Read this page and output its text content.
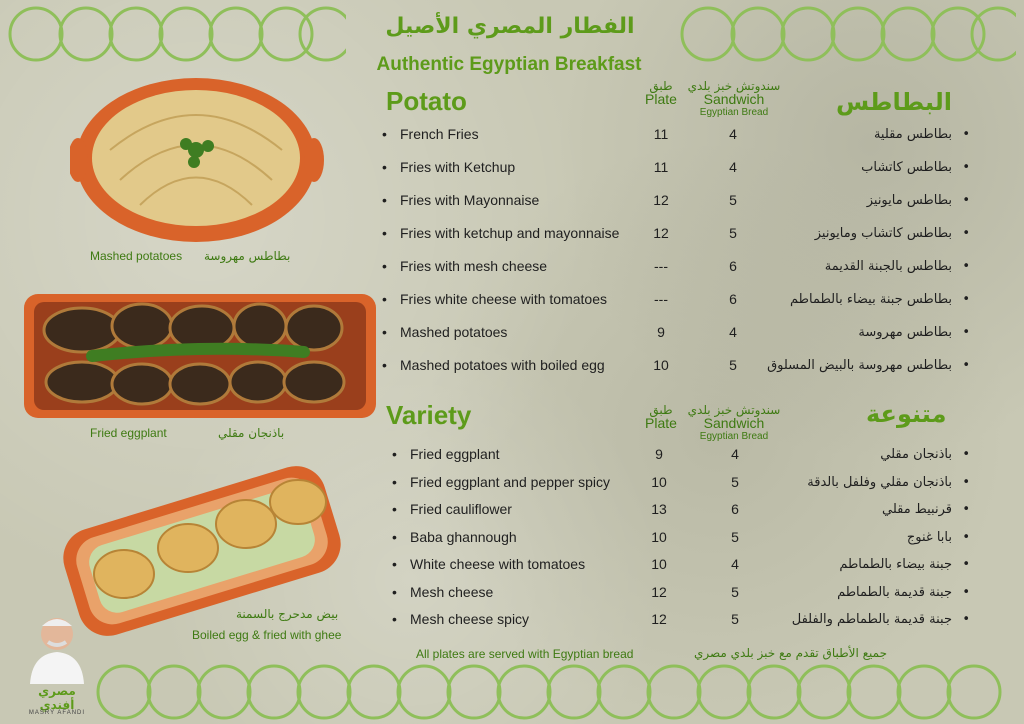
الفطار المصري الأصيل
Authentic Egyptian Breakfast
Mashed potatoes بطاطس مهروسة
Fried eggplant	باذنجان مقلي
بيض مدحرج بالسمنة
Boiled egg & fried with ghee
مصري أفندي
MASRY AFANDI
Potato	البطاطس
طبق
Plate
سندوتش خبز بلدي
Sandwich
Egyptian Bread
• French Fries	11	4	• بطاطس مقلية
• Fries with Ketchup	11	4	• بطاطس كاتشاب
• Fries with Mayonnaise	12	5	• بطاطس مايونيز
• Fries with ketchup and mayonnaise	12	5	• بطاطس كاتشاب ومايونيز
• Fries with mesh cheese	---	6	• بطاطس بالجبنة القديمة
• Fries white cheese with tomatoes	---	6	• بطاطس جبنة بيضاء بالطماطم
• Mashed potatoes	9	4	• بطاطس مهروسة
• Mashed potatoes with boiled egg	10	5	• بطاطس مهروسة بالبيض المسلوق
Variety	متنوعة
طبق
Plate
سندوتش خبز بلدي
Sandwich
Egyptian Bread
• Fried eggplant	9	4	• باذنجان مقلي
• Fried eggplant and pepper spicy	10	5	• باذنجان مقلي وفلفل بالدقة
• Fried cauliflower	13	6	• قرنبيط مقلي
• Baba ghannough	10	5	• بابا غنوج
• White cheese with tomatoes	10	4	• جبنة بيضاء بالطماطم
• Mesh cheese	12	5	• جبنة قديمة بالطماطم
• Mesh cheese spicy	12	5	• جبنة قديمة بالطماطم والفلفل
All plates are served with Egyptian bread	جميع الأطباق تقدم مع خبز بلدي مصري
